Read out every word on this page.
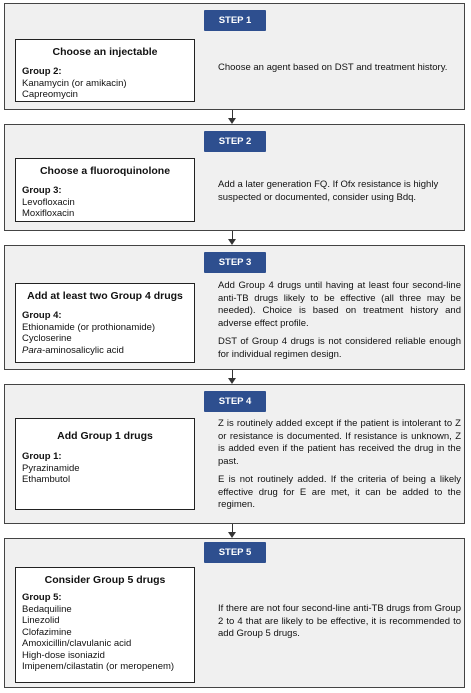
STEP 1
Choose an injectable
Group 2:
Kanamycin (or amikacin)
Capreomycin
Choose an agent based on DST and treatment history.
STEP 2
Choose a fluoroquinolone
Group 3:
Levofloxacin
Moxifloxacin
Add a later generation FQ. If Ofx resistance is highly suspected or documented, consider using Bdq.
STEP 3
Add at least two Group 4 drugs
Group 4:
Ethionamide (or prothionamide)
Cycloserine
Para-aminosalicylic acid
Add Group 4 drugs until having at least four second-line anti-TB drugs likely to be effective (all three may be needed). Choice is based on treatment history and adverse effect profile.
DST of Group 4 drugs is not considered reliable enough for individual regimen design.
STEP 4
Add Group 1 drugs
Group 1:
Pyrazinamide
Ethambutol
Z is routinely added except if the patient is intolerant to Z or resistance is documented. If resistance is unknown, Z is added even if the patient has received the drug in the past.
E is not routinely added. If the criteria of being a likely effective drug for E are met, it can be added to the regimen.
STEP 5
Consider Group 5 drugs
Group 5:
Bedaquiline
Linezolid
Clofazimine
Amoxicillin/clavulanic acid
High-dose isoniazid
Imipenem/cilastatin (or meropenem)
If there are not four second-line anti-TB drugs from Group 2 to 4 that are likely to be effective, it is recommended to add Group 5 drugs.
